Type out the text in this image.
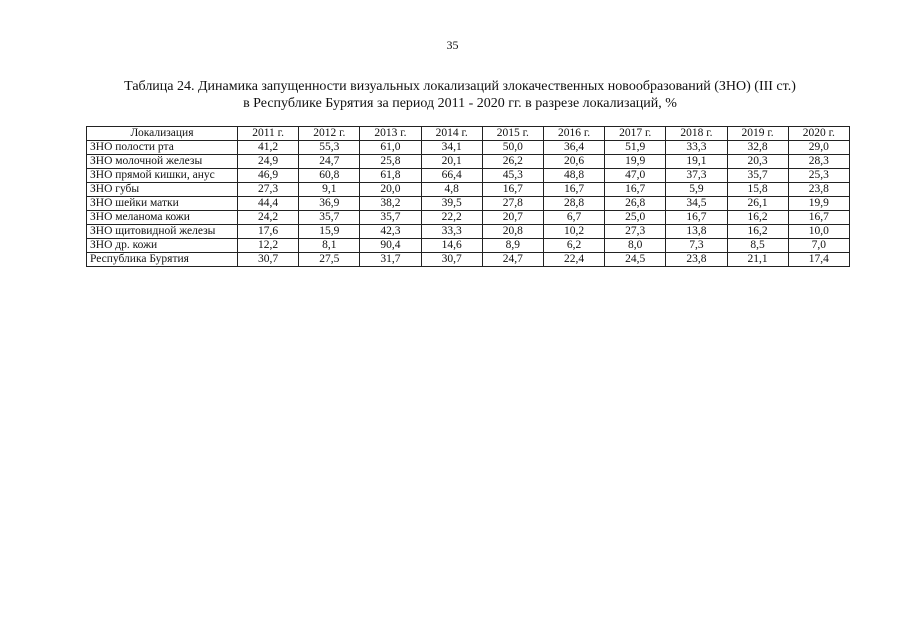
35
Таблица 24. Динамика запущенности визуальных локализаций злокачественных новообразований (ЗНО) (III ст.)
в Республике Бурятия за период 2011 - 2020 гг. в разрезе локализаций, %
Локализация	2011 г.	2012 г.	2013 г.	2014 г.	2015 г.	2016 г.	2017 г.	2018 г.	2019 г.	2020 г.
ЗНО полости рта	41,2	55,3	61,0	34,1	50,0	36,4	51,9	33,3	32,8	29,0
ЗНО молочной железы	24,9	24,7	25,8	20,1	26,2	20,6	19,9	19,1	20,3	28,3
ЗНО прямой кишки, анус	46,9	60,8	61,8	66,4	45,3	48,8	47,0	37,3	35,7	25,3
ЗНО губы	27,3	9,1	20,0	4,8	16,7	16,7	16,7	5,9	15,8	23,8
ЗНО шейки матки	44,4	36,9	38,2	39,5	27,8	28,8	26,8	34,5	26,1	19,9
ЗНО меланома кожи	24,2	35,7	35,7	22,2	20,7	6,7	25,0	16,7	16,2	16,7
ЗНО щитовидной железы	17,6	15,9	42,3	33,3	20,8	10,2	27,3	13,8	16,2	10,0
ЗНО др. кожи	12,2	8,1	90,4	14,6	8,9	6,2	8,0	7,3	8,5	7,0
Республика Бурятия	30,7	27,5	31,7	30,7	24,7	22,4	24,5	23,8	21,1	17,4
